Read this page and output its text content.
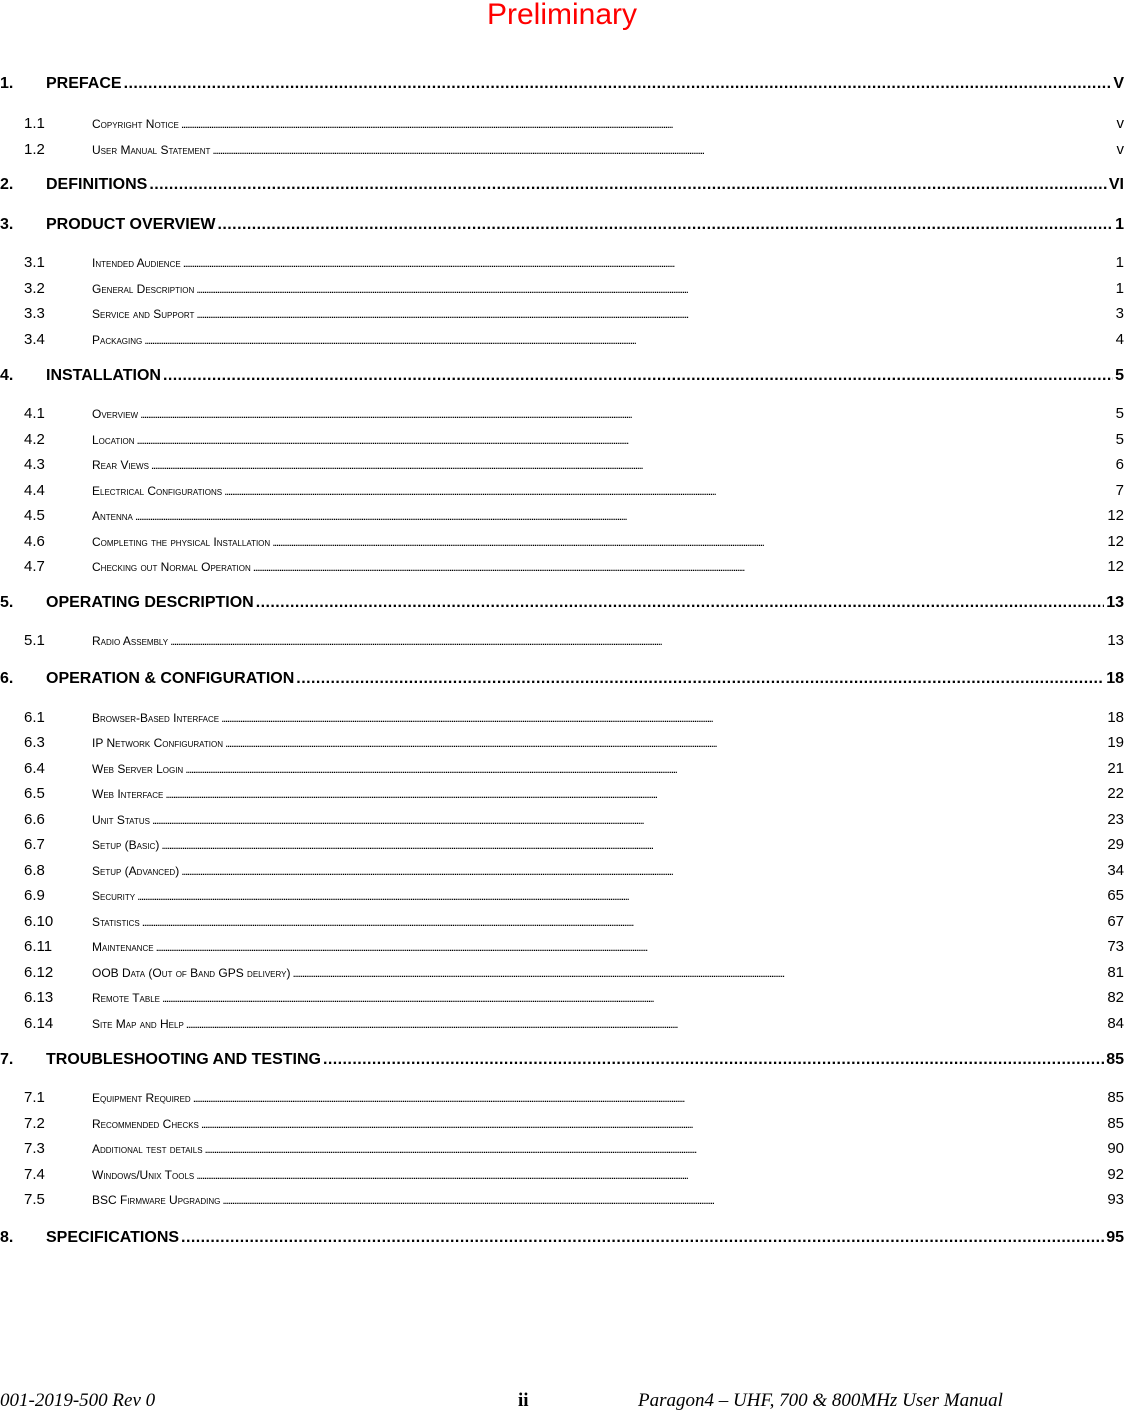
Preliminary
1.	PREFACE . . .	V
1.1	Copyright Notice . . .	v
1.2	User Manual Statement . . .	v
2.	DEFINITIONS . . .	VI
3.	PRODUCT OVERVIEW . . .	1
3.1	Intended Audience . . .	1
3.2	General Description . . .	1
3.3	Service and Support . . .	3
3.4	Packaging . . .	4
4.	INSTALLATION . . .	5
4.1	Overview . . .	5
4.2	Location . . .	5
4.3	Rear Views . . .	6
4.4	Electrical Configurations . . .	7
4.5	Antenna . . .	12
4.6	Completing the physical Installation . . .	12
4.7	Checking out Normal Operation . . .	12
5.	OPERATING DESCRIPTION . . .	13
5.1	Radio Assembly . . .	13
6.	OPERATION & CONFIGURATION . . .	18
6.1	Browser-Based Interface . . .	18
6.3	IP Network Configuration . . .	19
6.4	Web Server Login . . .	21
6.5	Web Interface . . .	22
6.6	Unit Status . . .	23
6.7	Setup (Basic) . . .	29
6.8	Setup (Advanced) . . .	34
6.9	Security . . .	65
6.10	Statistics . . .	67
6.11	Maintenance . . .	73
6.12	OOB Data (Out of Band GPS delivery) . . .	81
6.13	Remote Table . . .	82
6.14	Site Map and Help . . .	84
7.	TROUBLESHOOTING AND TESTING . . .	85
7.1	Equipment Required . . .	85
7.2	Recommended Checks . . .	85
7.3	Additional test details . . .	90
7.4	Windows/Unix Tools . . .	92
7.5	BSC Firmware Upgrading . . .	93
8.	SPECIFICATIONS . . .	95
001-2019-500 Rev 0	ii	Paragon4 – UHF, 700 & 800MHz User Manual
